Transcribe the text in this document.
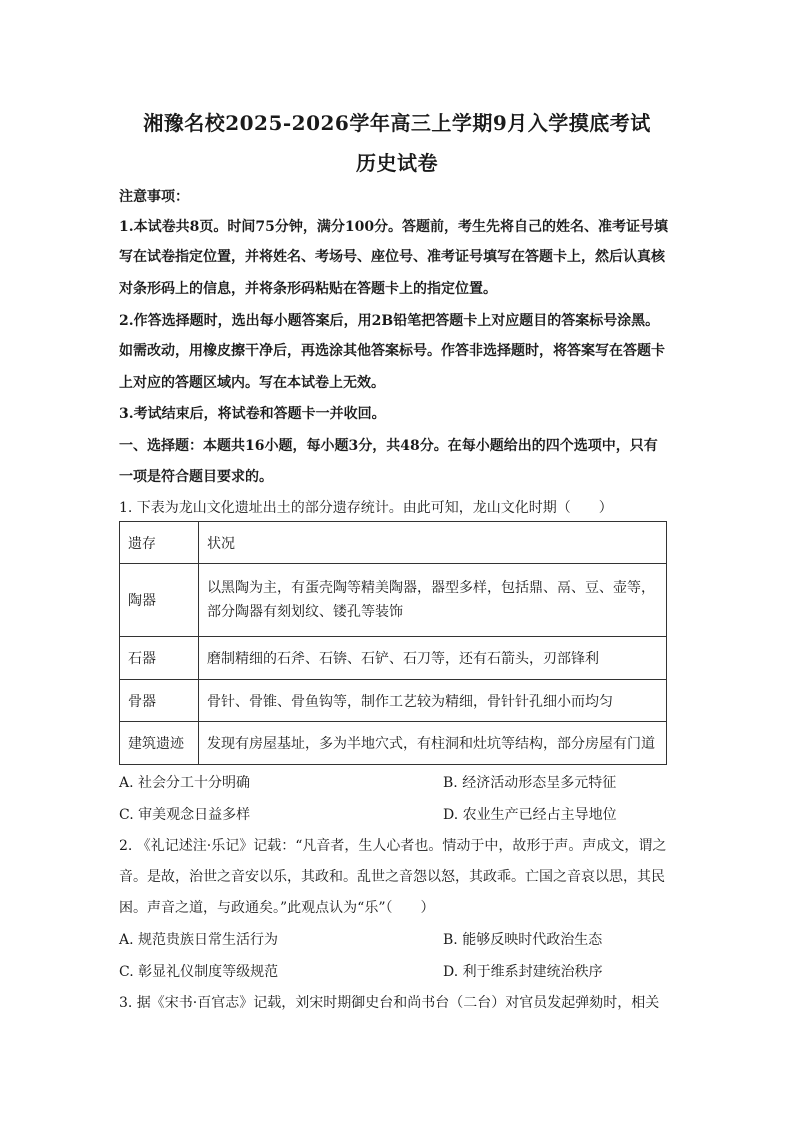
湘豫名校2025-2026学年高三上学期9月入学摸底考试
历史试卷
注意事项：
1.本试卷共8页。时间75分钟，满分100分。答题前，考生先将自己的姓名、准考证号填
写在试卷指定位置，并将姓名、考场号、座位号、准考证号填写在答题卡上，然后认真核
对条形码上的信息，并将条形码粘贴在答题卡上的指定位置。
2.作答选择题时，选出每小题答案后，用2B铅笔把答题卡上对应题目的答案标号涂黑。
如需改动，用橡皮擦干净后，再选涂其他答案标号。作答非选择题时，将答案写在答题卡
上对应的答题区域内。写在本试卷上无效。
3.考试结束后，将试卷和答题卡一并收回。
一、选择题：本题共16小题，每小题3分，共48分。在每小题给出的四个选项中，只有
一项是符合题目要求的。
1. 下表为龙山文化遗址出土的部分遗存统计。由此可知，龙山文化时期（　　）
遗存	状况
陶器	以黑陶为主，有蛋壳陶等精美陶器，器型多样，包括鼎、鬲、豆、壶等，
部分陶器有刻划纹、镂孔等装饰

石器	磨制精细的石斧、石锛、石铲、石刀等，还有石箭头，刃部锋利
骨器	骨针、骨锥、骨鱼钩等，制作工艺较为精细，骨针针孔细小而均匀
建筑遗迹	发现有房屋基址，多为半地穴式，有柱洞和灶坑等结构，部分房屋有门道
A. 社会分工十分明确	B. 经济活动形态呈多元特征
C. 审美观念日益多样	D. 农业生产已经占主导地位
2. 《礼记述注·乐记》记载：“凡音者，生人心者也。情动于中，故形于声。声成文，谓之
音。是故，治世之音安以乐，其政和。乱世之音怨以怒，其政乖。亡国之音哀以思，其民
困。声音之道，与政通矣。”此观点认为“乐”（　　）
A. 规范贵族日常生活行为	B. 能够反映时代政治生态
C. 彰显礼仪制度等级规范	D. 利于维系封建统治秩序
3. 据《宋书·百官志》记载，刘宋时期御史台和尚书台（二台）对官员发起弹劾时，相关
